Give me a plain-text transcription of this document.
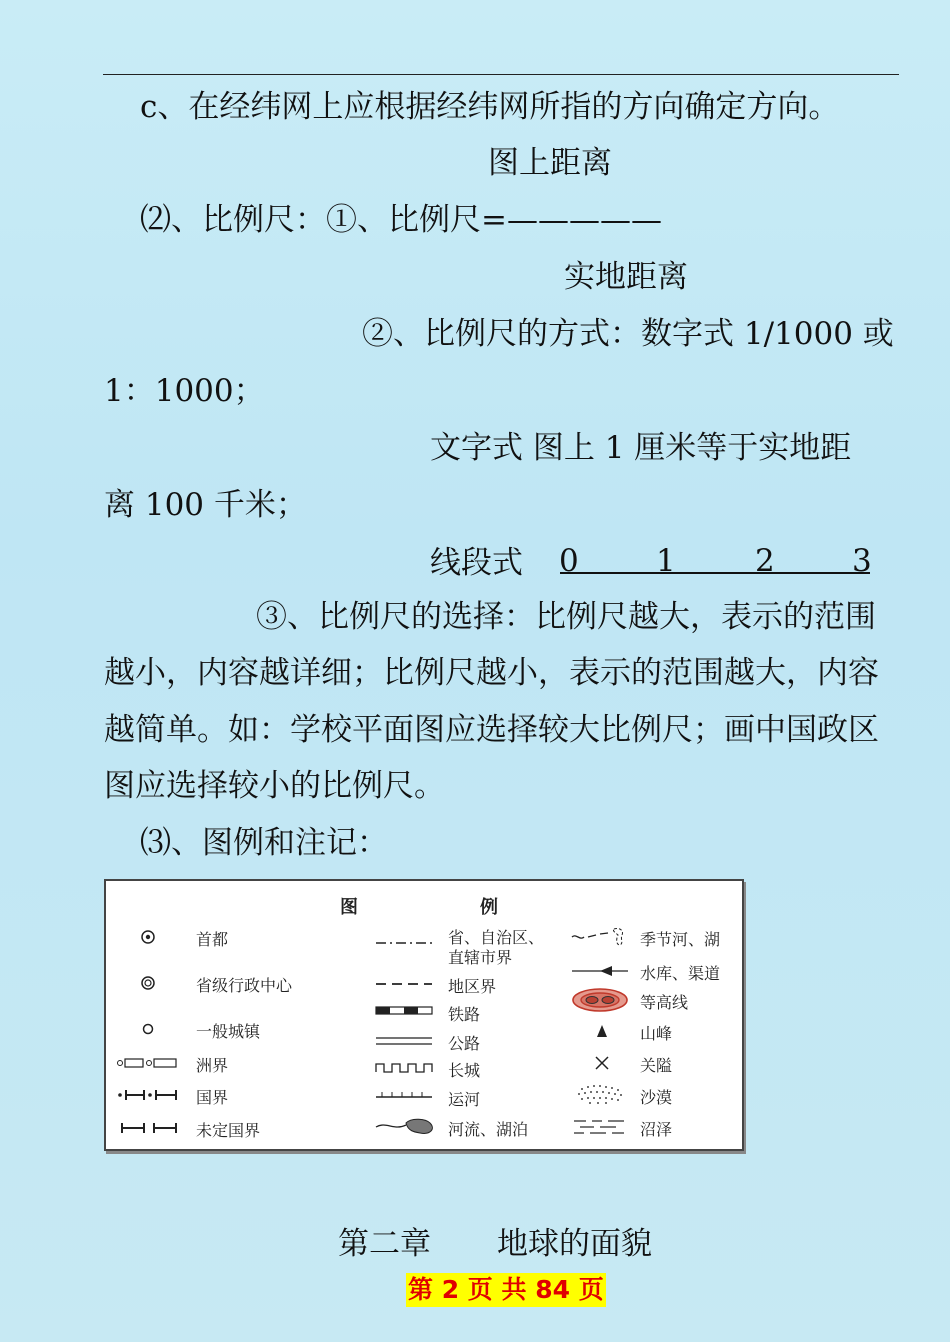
c、在经纬网上应根据经纬网所指的方向确定方向。
图上距离
⑵、比例尺：①、比例尺=—————
实地距离
②、比例尺的方式：数字式 1/1000 或
1：1000；
文字式 图上 1 厘米等于实地距
离 100 千米；
线段式 0 1	2 3
③、比例尺的选择：比例尺越大，表示的范围
越小，内容越详细；比例尺越小，表示的范围越大，内容
越简单。如：学校平面图应选择较大比例尺；画中国政区
图应选择较小的比例尺。
⑶、图例和注记：
图	例
首都
省级行政中心
一般城镇
洲界
国界
未定国界
省、自治区、
直辖市界
地区界
铁路
公路
长城
运河
河流、湖泊
季节河、湖
水库、渠道
等高线
山峰
关隘
沙漠
沼泽
第二章 地球的面貌
第 2 页 共 84 页
